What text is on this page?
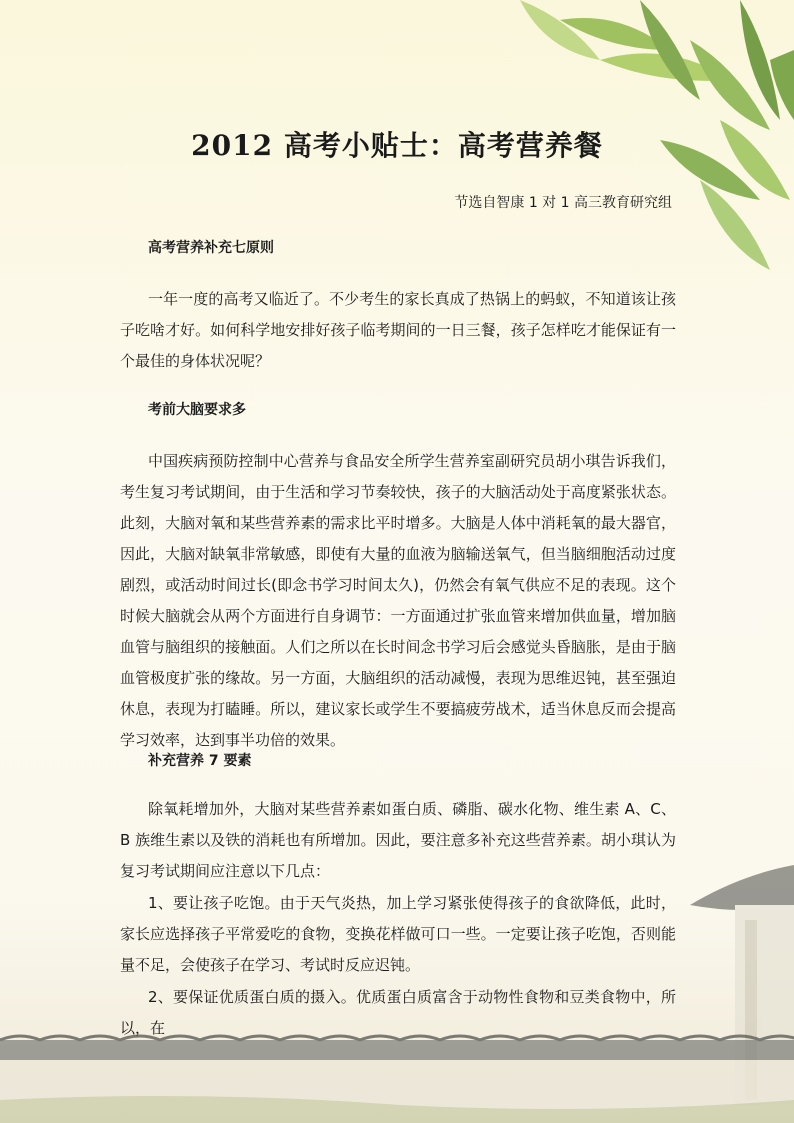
2012 高考小贴士：高考营养餐
节选自智康 1 对 1 高三教育研究组
高考营养补充七原则

一年一度的高考又临近了。不少考生的家长真成了热锅上的蚂蚁，不知道该让孩子吃啥才好。如何科学地安排好孩子临考期间的一日三餐，孩子怎样吃才能保证有一个最佳的身体状况呢？

考前大脑要求多

中国疾病预防控制中心营养与食品安全所学生营养室副研究员胡小琪告诉我们，考生复习考试期间，由于生活和学习节奏较快，孩子的大脑活动处于高度紧张状态。此刻，大脑对氧和某些营养素的需求比平时增多。大脑是人体中消耗氧的最大器官，因此，大脑对缺氧非常敏感，即使有大量的血液为脑输送氧气，但当脑细胞活动过度剧烈，或活动时间过长(即念书学习时间太久)，仍然会有氧气供应不足的表现。这个时候大脑就会从两个方面进行自身调节：一方面通过扩张血管来增加供血量，增加脑血管与脑组织的接触面。人们之所以在长时间念书学习后会感觉头昏脑胀，是由于脑血管极度扩张的缘故。另一方面，大脑组织的活动减慢，表现为思维迟钝，甚至强迫休息，表现为打瞌睡。所以，建议家长或学生不要搞疲劳战术，适当休息反而会提高学习效率，达到事半功倍的效果。

补充营养 7 要素

除氧耗增加外，大脑对某些营养素如蛋白质、磷脂、碳水化物、维生素 A、C、B 族维生素以及铁的消耗也有所增加。因此，要注意多补充这些营养素。胡小琪认为复习考试期间应注意以下几点：

1、要让孩子吃饱。由于天气炎热，加上学习紧张使得孩子的食欲降低，此时，家长应选择孩子平常爱吃的食物，变换花样做可口一些。一定要让孩子吃饱，否则能量不足，会使孩子在学习、考试时反应迟钝。

2、要保证优质蛋白质的摄入。优质蛋白质富含于动物性食物和豆类食物中，所以，在
